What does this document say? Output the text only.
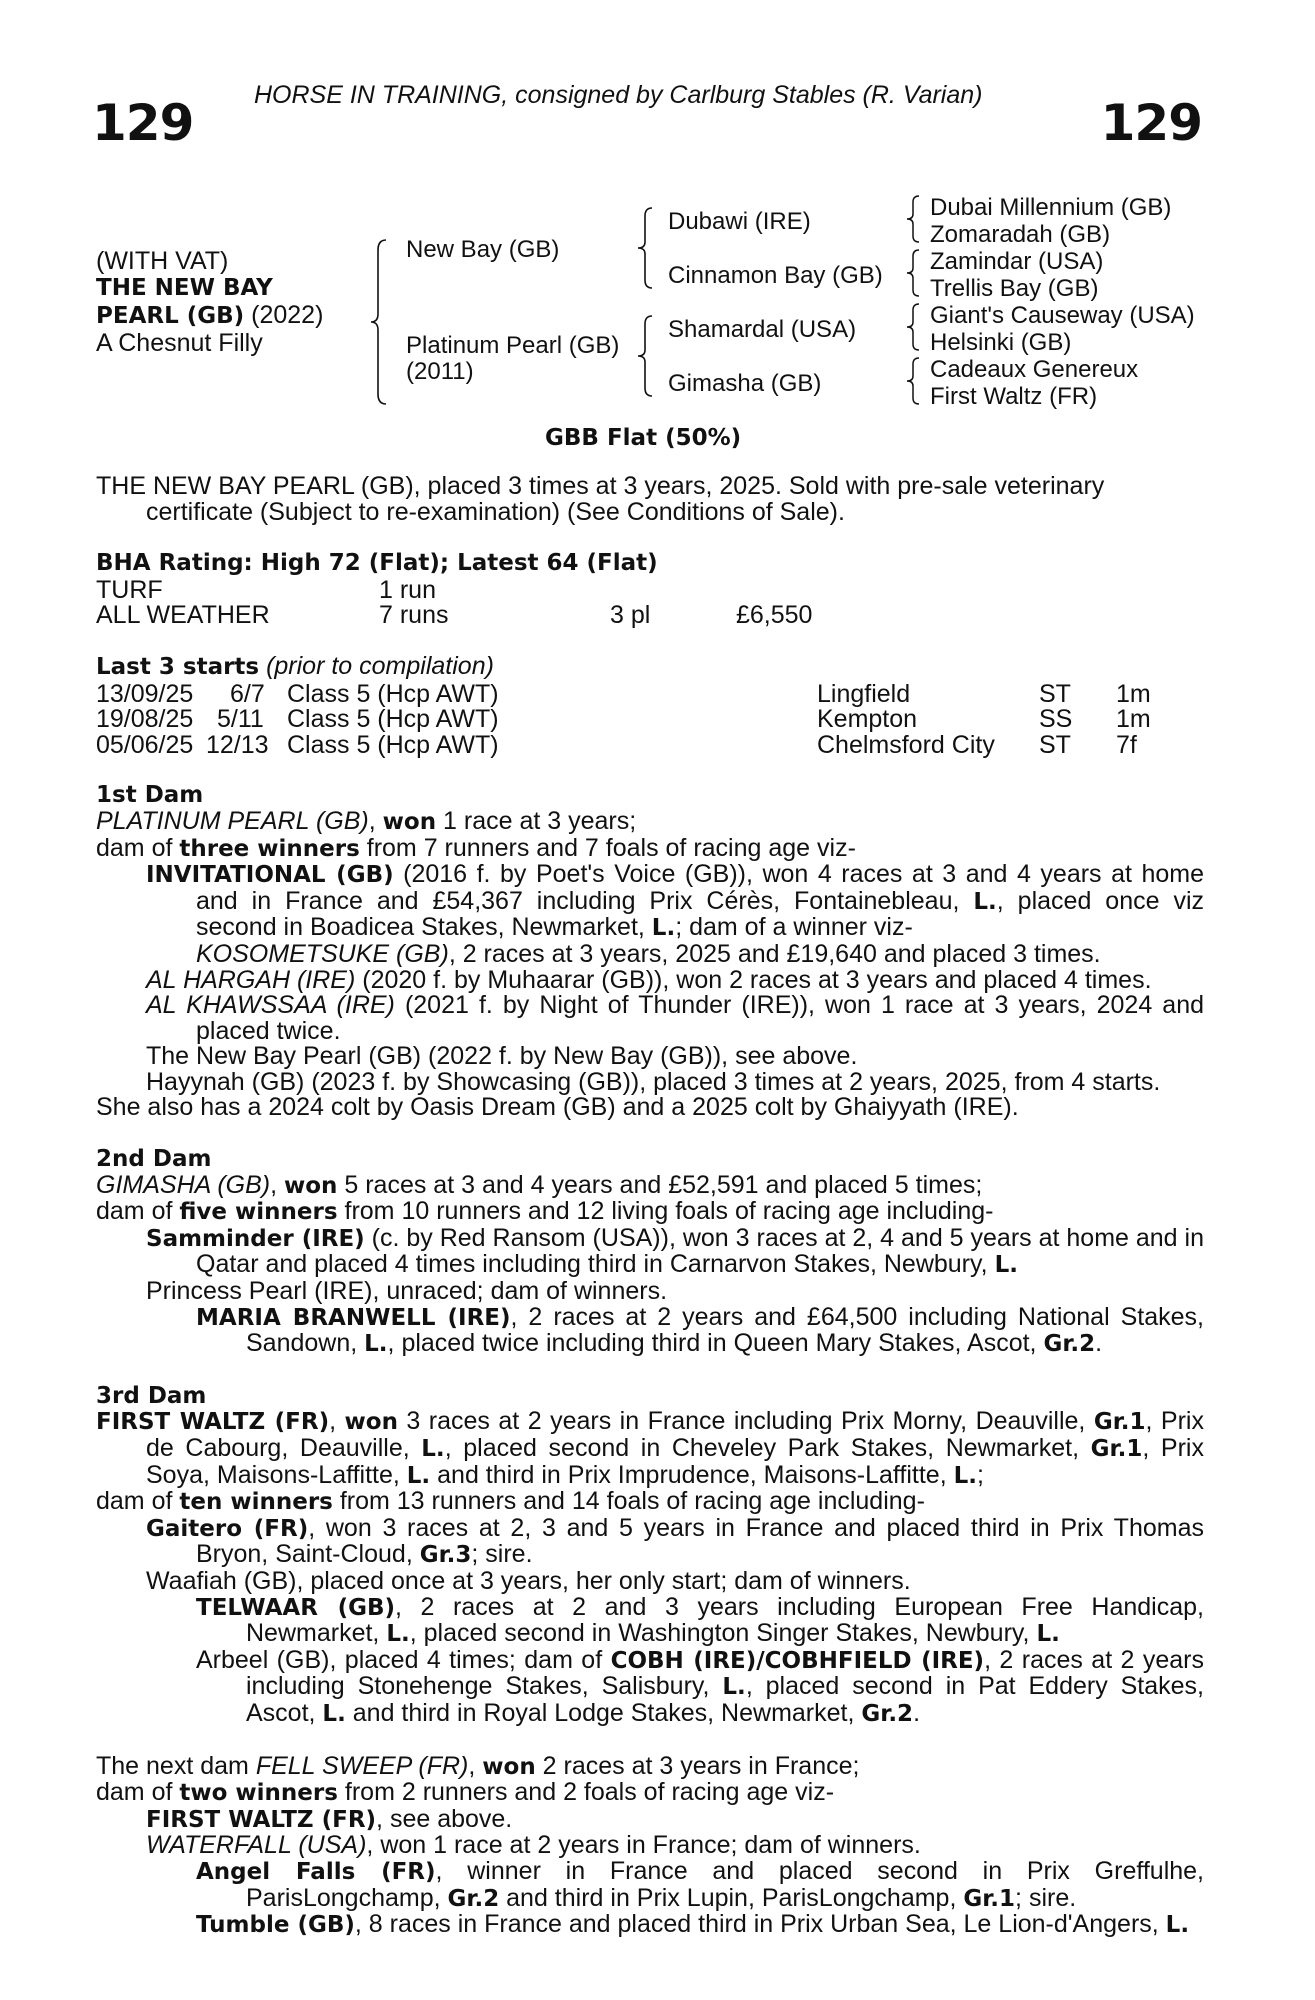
HORSE IN TRAINING, consigned by Carlburg Stables (R. Varian)
129	129
(WITH VAT)
THE NEW BAY
PEARL (GB) (2022)
A Chesnut Filly
New Bay (GB)
Platinum Pearl (GB)
(2011)
Dubawi (IRE)
Cinnamon Bay (GB)
Shamardal (USA)
Gimasha (GB)
Dubai Millennium (GB)
Zomaradah (GB)
Zamindar (USA)
Trellis Bay (GB)
Giant's Causeway (USA)
Helsinki (GB)
Cadeaux Genereux
First Waltz (FR)
GBB Flat (50%)

THE NEW BAY PEARL (GB), placed 3 times at 3 years, 2025. Sold with pre-sale veterinary

certificate (Subject to re-examination) (See Conditions of Sale).

BHA Rating: High 72 (Flat); Latest 64 (Flat)

TURF	1 run
ALL WEATHER	7 runs	3 pl	£6,550

Last 3 starts (prior to compilation)

13/09/25 6/7 Class 5 (Hcp AWT)	Lingfield	ST 1m
19/08/25 5/11 Class 5 (Hcp AWT)	Kempton	SS 1m
05/06/25 12/13 Class 5 (Hcp AWT)	Chelmsford City ST 7f

1st Dam

PLATINUM PEARL (GB), won 1 race at 3 years;

dam of three winners from 7 runners and 7 foals of racing age viz-

INVITATIONAL (GB) (2016 f. by Poet's Voice (GB)), won 4 races at 3 and 4 years at home and in France and £54,367 including Prix Cérès, Fontainebleau, L., placed once viz second in Boadicea Stakes, Newmarket, L.; dam of a winner viz-

KOSOMETSUKE (GB), 2 races at 3 years, 2025 and £19,640 and placed 3 times.

AL HARGAH (IRE) (2020 f. by Muhaarar (GB)), won 2 races at 3 years and placed 4 times.

AL KHAWSSAA (IRE) (2021 f. by Night of Thunder (IRE)), won 1 race at 3 years, 2024 and placed twice.

The New Bay Pearl (GB) (2022 f. by New Bay (GB)), see above.

Hayynah (GB) (2023 f. by Showcasing (GB)), placed 3 times at 2 years, 2025, from 4 starts.

She also has a 2024 colt by Oasis Dream (GB) and a 2025 colt by Ghaiyyath (IRE).

2nd Dam

GIMASHA (GB), won 5 races at 3 and 4 years and £52,591 and placed 5 times;

dam of five winners from 10 runners and 12 living foals of racing age including-

Samminder (IRE) (c. by Red Ransom (USA)), won 3 races at 2, 4 and 5 years at home and in Qatar and placed 4 times including third in Carnarvon Stakes, Newbury, L.

Princess Pearl (IRE), unraced; dam of winners.

MARIA BRANWELL (IRE), 2 races at 2 years and £64,500 including National Stakes, Sandown, L., placed twice including third in Queen Mary Stakes, Ascot, Gr.2.

3rd Dam

FIRST WALTZ (FR), won 3 races at 2 years in France including Prix Morny, Deauville, Gr.1, Prix de Cabourg, Deauville, L., placed second in Cheveley Park Stakes, Newmarket, Gr.1, Prix Soya, Maisons-Laffitte, L. and third in Prix Imprudence, Maisons-Laffitte, L.;

dam of ten winners from 13 runners and 14 foals of racing age including-

Gaitero (FR), won 3 races at 2, 3 and 5 years in France and placed third in Prix Thomas Bryon, Saint-Cloud, Gr.3; sire.

Waafiah (GB), placed once at 3 years, her only start; dam of winners.

TELWAAR (GB), 2 races at 2 and 3 years including European Free Handicap, Newmarket, L., placed second in Washington Singer Stakes, Newbury, L.

Arbeel (GB), placed 4 times; dam of COBH (IRE)/COBHFIELD (IRE), 2 races at 2 years including Stonehenge Stakes, Salisbury, L., placed second in Pat Eddery Stakes, Ascot, L. and third in Royal Lodge Stakes, Newmarket, Gr.2.

The next dam FELL SWEEP (FR), won 2 races at 3 years in France;

dam of two winners from 2 runners and 2 foals of racing age viz-

FIRST WALTZ (FR), see above.

WATERFALL (USA), won 1 race at 2 years in France; dam of winners.

Angel Falls (FR), winner in France and placed second in Prix Greffulhe, ParisLongchamp, Gr.2 and third in Prix Lupin, ParisLongchamp, Gr.1; sire.

Tumble (GB), 8 races in France and placed third in Prix Urban Sea, Le Lion-d'Angers, L.
